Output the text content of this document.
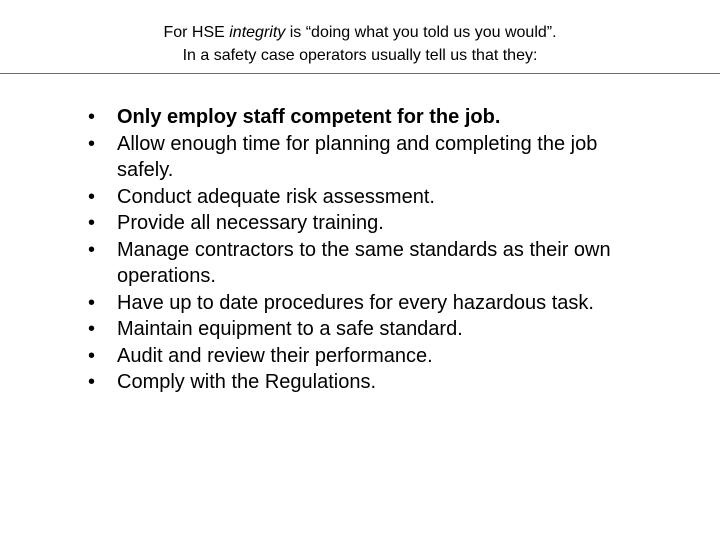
For HSE integrity is “doing what you told us you would”.
In a safety case operators usually tell us that they:
• Only employ staff competent for the job.
• Allow enough time for planning and completing the job safely.
• Conduct adequate risk assessment.
• Provide all necessary training.
• Manage contractors to the same standards as their own operations.
• Have up to date procedures for every hazardous task.
• Maintain equipment to a safe standard.
• Audit and review their performance.
• Comply with the Regulations.
